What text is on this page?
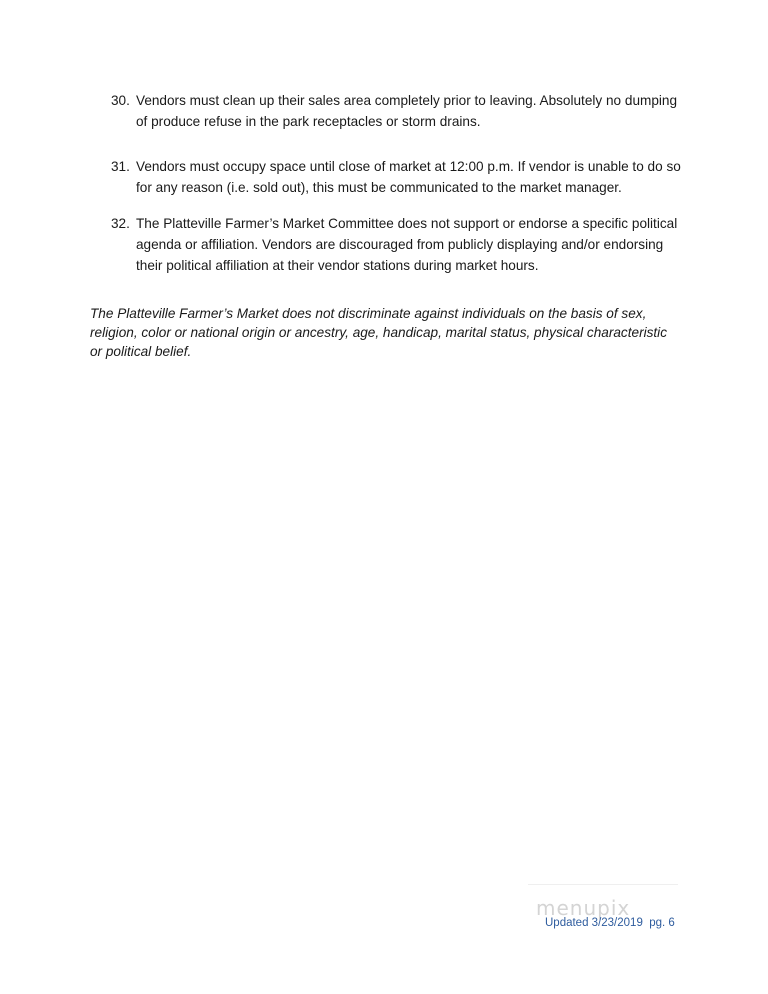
30. Vendors must clean up their sales area completely prior to leaving. Absolutely no dumping of produce refuse in the park receptacles or storm drains.
31. Vendors must occupy space until close of market at 12:00 p.m. If vendor is unable to do so for any reason (i.e. sold out), this must be communicated to the market manager.
32. The Platteville Farmer’s Market Committee does not support or endorse a specific political agenda or affiliation. Vendors are discouraged from publicly displaying and/or endorsing their political affiliation at their vendor stations during market hours.

The Platteville Farmer’s Market does not discriminate against individuals on the basis of sex, religion, color or national origin or ancestry, age, handicap, marital status, physical characteristic or political belief.

menupix
Updated 3/23/2019 pg. 6
